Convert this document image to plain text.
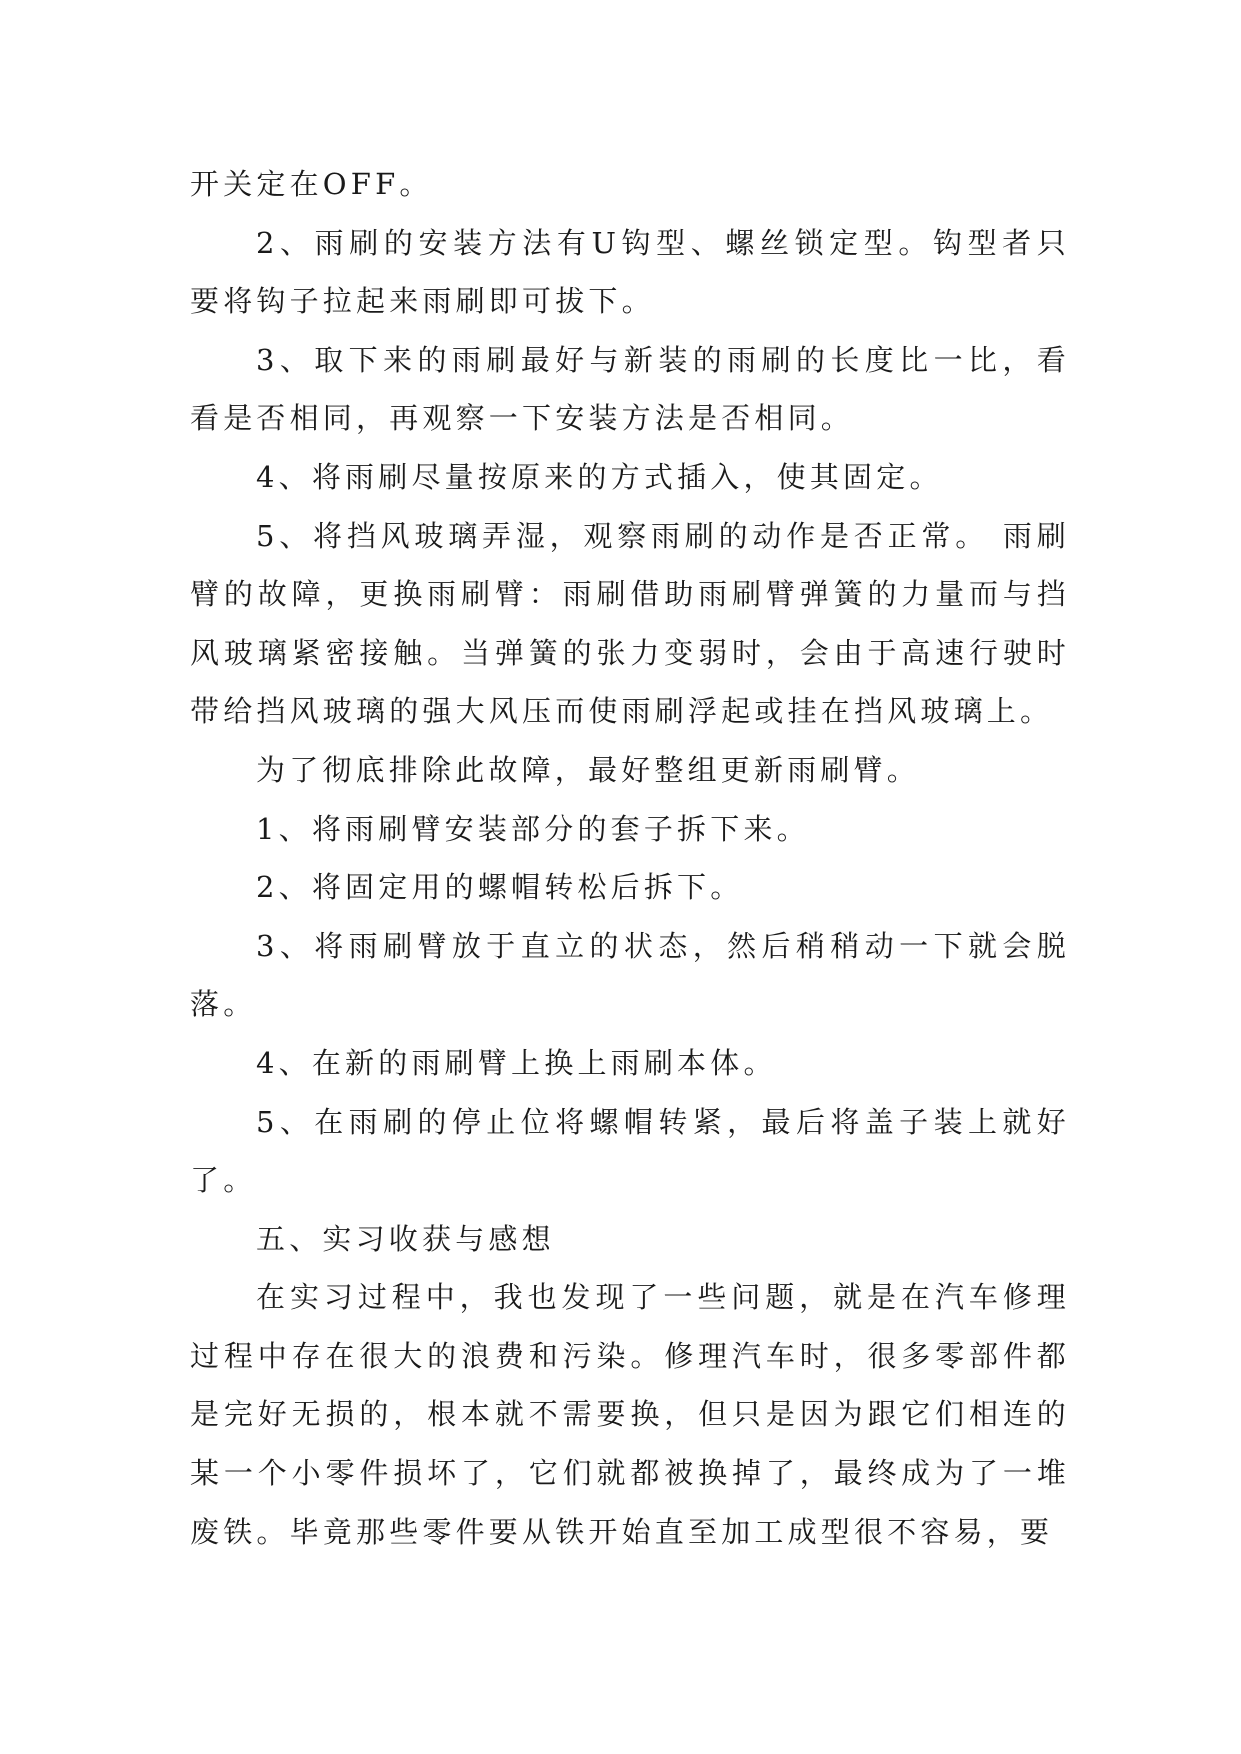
开关定在OFF。

2、雨刷的安装方法有U钩型、螺丝锁定型。钩型者只要将钩子拉起来雨刷即可拔下。

3、取下来的雨刷最好与新装的雨刷的长度比一比，看看是否相同，再观察一下安装方法是否相同。

4、将雨刷尽量按原来的方式插入，使其固定。

5、将挡风玻璃弄湿，观察雨刷的动作是否正常。 雨刷臂的故障，更换雨刷臂：雨刷借助雨刷臂弹簧的力量而与挡风玻璃紧密接触。当弹簧的张力变弱时，会由于高速行驶时带给挡风玻璃的强大风压而使雨刷浮起或挂在挡风玻璃上。

为了彻底排除此故障，最好整组更新雨刷臂。

1、将雨刷臂安装部分的套子拆下来。

2、将固定用的螺帽转松后拆下。

3、将雨刷臂放于直立的状态，然后稍稍动一下就会脱落。

4、在新的雨刷臂上换上雨刷本体。

5、在雨刷的停止位将螺帽转紧，最后将盖子装上就好了。

五、实习收获与感想

在实习过程中，我也发现了一些问题，就是在汽车修理过程中存在很大的浪费和污染。修理汽车时，很多零部件都是完好无损的，根本就不需要换，但只是因为跟它们相连的某一个小零件损坏了，它们就都被换掉了，最终成为了一堆废铁。毕竟那些零件要从铁开始直至加工成型很不容易，要
